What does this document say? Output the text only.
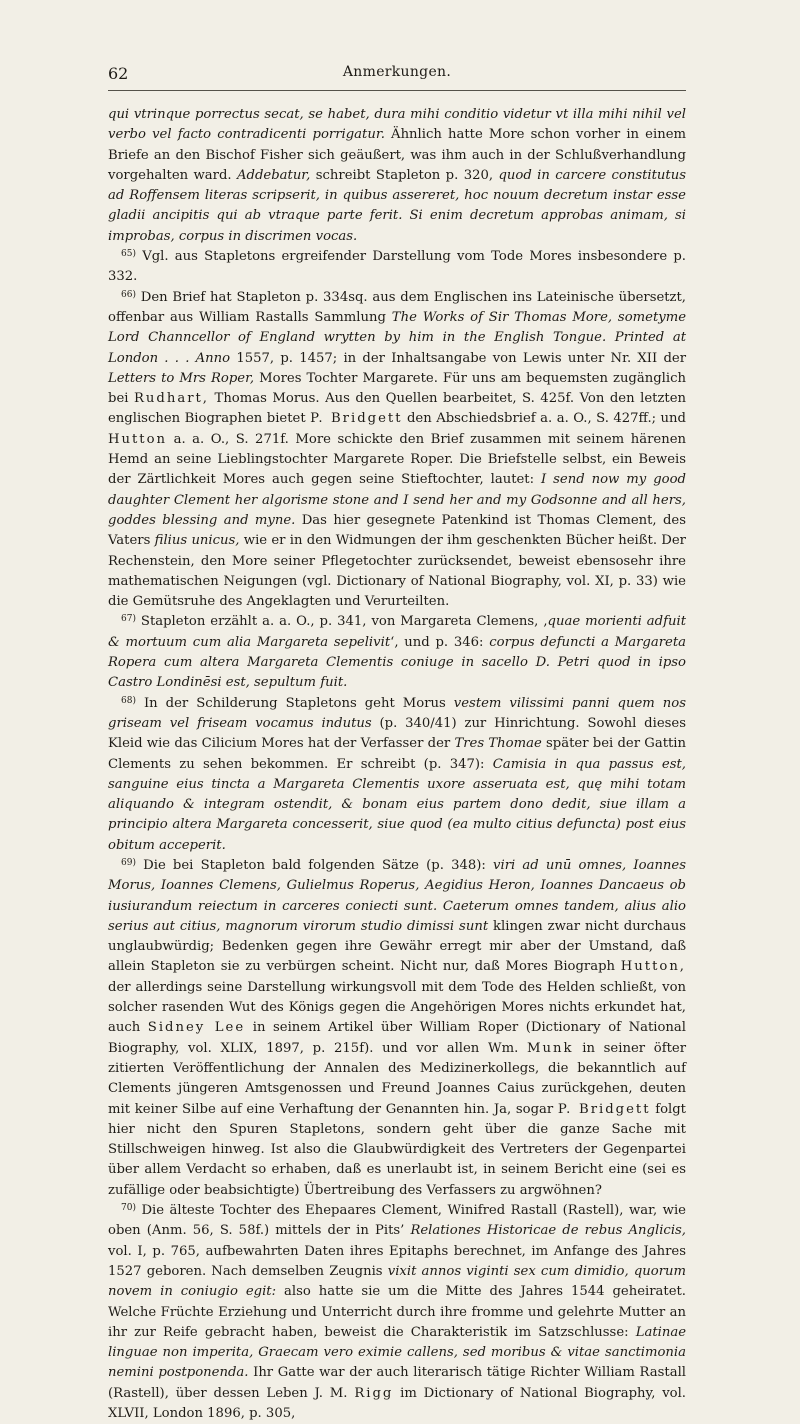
62	Anmerkungen.

qui vtrinque porrectus secat, se habet, dura mihi conditio videtur vt illa mihi nihil vel verbo vel facto contradicenti porrigatur. Ähnlich hatte More schon vorher in einem Briefe an den Bischof Fisher sich geäußert, was ihm auch in der Schlußverhandlung vorgehalten ward. Addebatur, schreibt Stapleton p. 320, quod in carcere constitutus ad Roffensem literas scripserit, in quibus assereret, hoc nouum decretum instar esse gladii ancipitis qui ab vtraque parte ferit. Si enim decretum approbas animam, si improbas, corpus in discrimen vocas.

$^{65)}$ Vgl. aus Stapletons ergreifender Darstellung vom Tode Mores insbesondere p. 332.

$^{66)}$ Den Brief hat Stapleton p. 334sq. aus dem Englischen ins Lateinische übersetzt, offenbar aus William Rastalls Sammlung The Works of Sir Thomas More, sometyme Lord Channcellor of England wrytten by him in the English Tongue. Printed at London . . . Anno 1557, p. 1457; in der Inhaltsangabe von Lewis unter Nr. XII der Letters to Mrs Roper, Mores Tochter Margarete. Für uns am bequemsten zugänglich bei Rudhart, Thomas Morus. Aus den Quellen bearbeitet, S. 425f. Von den letzten englischen Biographen bietet P. Bridgett den Abschiedsbrief a. a. O., S. 427ff.; und Hutton a. a. O., S. 271f. More schickte den Brief zusammen mit seinem härenen Hemd an seine Lieblingstochter Margarete Roper. Die Briefstelle selbst, ein Beweis der Zärtlichkeit Mores auch gegen seine Stieftochter, lautet: I send now my good daughter Clement her algorisme stone and I send her and my Godsonne and all hers, goddes blessing and myne. Das hier gesegnete Patenkind ist Thomas Clement, des Vaters filius unicus, wie er in den Widmungen der ihm geschenkten Bücher heißt. Der Rechenstein, den More seiner Pflegetochter zurücksendet, beweist ebensosehr ihre mathematischen Neigungen (vgl. Dictionary of National Biography, vol. XI, p. 33) wie die Gemütsruhe des Angeklagten und Verurteilten.

$^{67)}$ Stapleton erzählt a. a. O., p. 341, von Margareta Clemens, ‚quae morienti adfuit & mortuum cum alia Margareta sepelivit‘, und p. 346: corpus defuncti a Margareta Ropera cum altera Margareta Clementis coniuge in sacello D. Petri quod in ipso Castro Londinēsi est, sepultum fuit.

$^{68)}$ In der Schilderung Stapletons geht Morus vestem vilissimi panni quem nos griseam vel friseam vocamus indutus (p. 340/41) zur Hinrichtung. Sowohl dieses Kleid wie das Cilicium Mores hat der Verfasser der Tres Thomae später bei der Gattin Clements zu sehen bekommen. Er schreibt (p. 347): Camisia in qua passus est, sanguine eius tincta a Margareta Clementis uxore asseruata est, quę mihi totam aliquando & integram ostendit, & bonam eius partem dono dedit, siue illam a principio altera Margareta concesserit, siue quod (ea multo citius defuncta) post eius obitum acceperit.

$^{69)}$ Die bei Stapleton bald folgenden Sätze (p. 348): viri ad unū omnes, Ioannes Morus, Ioannes Clemens, Gulielmus Roperus, Aegidius Heron, Ioannes Dancaeus ob iusiurandum reiectum in carceres coniecti sunt. Caeterum omnes tandem, alius alio serius aut citius, magnorum virorum studio dimissi sunt klingen zwar nicht durchaus unglaubwürdig; Bedenken gegen ihre Gewähr erregt mir aber der Umstand, daß allein Stapleton sie zu verbürgen scheint. Nicht nur, daß Mores Biograph Hutton, der allerdings seine Darstellung wirkungsvoll mit dem Tode des Helden schließt, von solcher rasenden Wut des Königs gegen die Angehörigen Mores nichts erkundet hat, auch Sidney Lee in seinem Artikel über William Roper (Dictionary of National Biography, vol. XLIX, 1897, p. 215f). und vor allen Wm. Munk in seiner öfter zitierten Veröffentlichung der Annalen des Medizinerkollegs, die bekanntlich auf Clements jüngeren Amtsgenossen und Freund Joannes Caius zurückgehen, deuten mit keiner Silbe auf eine Verhaftung der Genannten hin. Ja, sogar P. Bridgett folgt hier nicht den Spuren Stapletons, sondern geht über die ganze Sache mit Stillschweigen hinweg. Ist also die Glaubwürdigkeit des Vertreters der Gegenpartei über allem Verdacht so erhaben, daß es unerlaubt ist, in seinem Bericht eine (sei es zufällige oder beabsichtigte) Übertreibung des Verfassers zu argwöhnen?

$^{70)}$ Die älteste Tochter des Ehepaares Clement, Winifred Rastall (Rastell), war, wie oben (Anm. 56, S. 58f.) mittels der in Pits’ Relationes Historicae de rebus Anglicis, vol. I, p. 765, aufbewahrten Daten ihres Epitaphs berechnet, im Anfange des Jahres 1527 geboren. Nach demselben Zeugnis vixit annos viginti sex cum dimidio, quorum novem in coniugio egit: also hatte sie um die Mitte des Jahres 1544 geheiratet. Welche Früchte Erziehung und Unterricht durch ihre fromme und gelehrte Mutter an ihr zur Reife gebracht haben, beweist die Charakteristik im Satzschlusse: Latinae linguae non imperita, Graecam vero eximie callens, sed moribus & vitae sanctimonia nemini postponenda. Ihr Gatte war der auch literarisch tätige Richter William Rastall (Rastell), über dessen Leben J. M. Rigg im Dictionary of National Biography, vol. XLVII, London 1896, p. 305,
